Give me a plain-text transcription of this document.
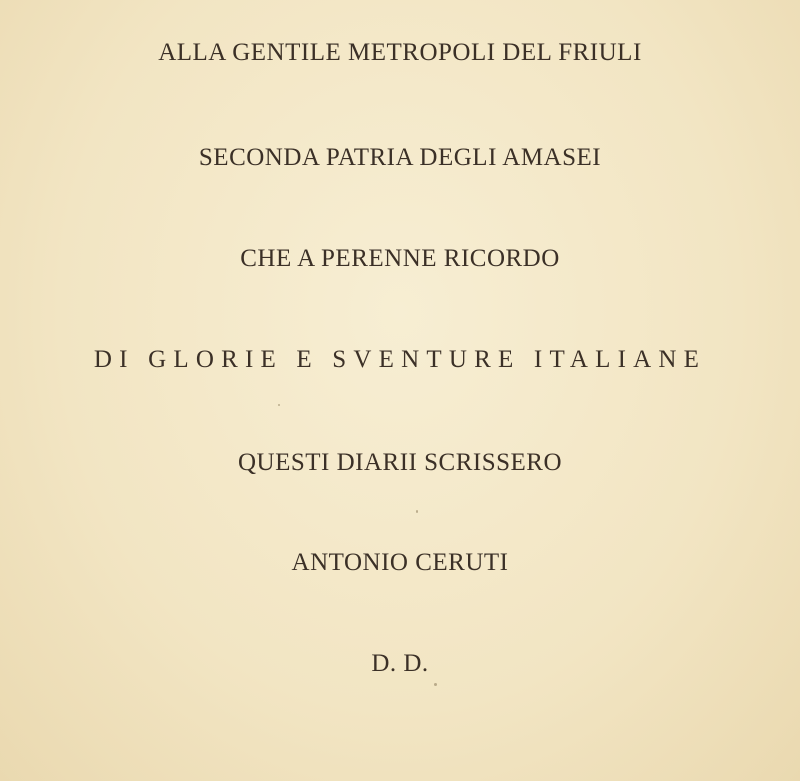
ALLA GENTILE METROPOLI DEL FRIULI
SECONDA PATRIA DEGLI AMASEI
CHE A PERENNE RICORDO
DI GLORIE E SVENTURE ITALIANE
QUESTI DIARII SCRISSERO
ANTONIO CERUTI
D. D.
